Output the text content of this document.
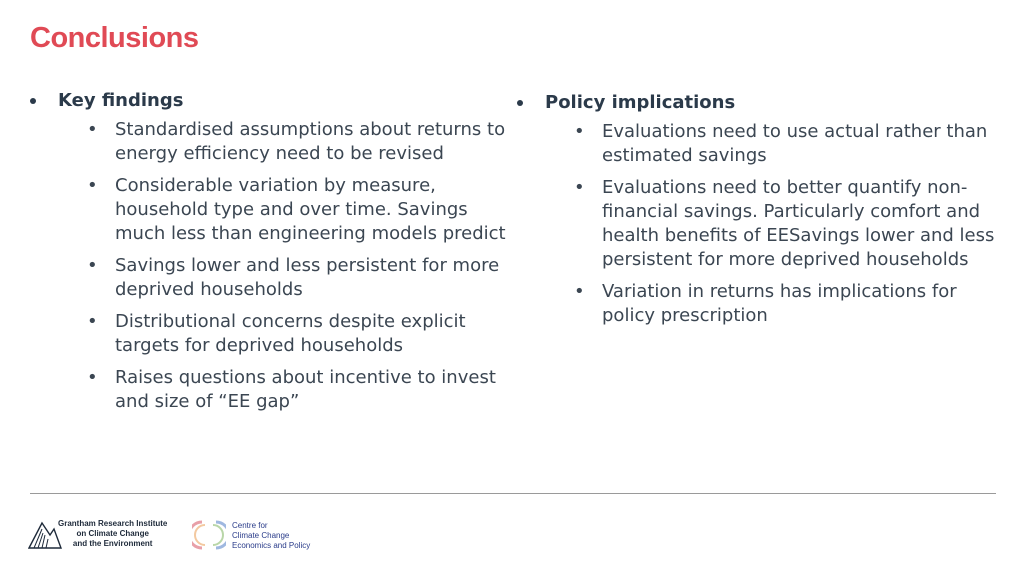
Conclusions
Key findings
• Standardised assumptions about returns to energy efficiency need to be revised
• Considerable variation by measure, household type and over time. Savings much less than engineering models predict
• Savings lower and less persistent for more deprived households
• Distributional concerns despite explicit targets for deprived households
• Raises questions about incentive to invest and size of “EE gap”
Policy implications
• Evaluations need to use actual rather than estimated savings
• Evaluations need to better quantify non-financial savings. Particularly comfort and health benefits of EESavings lower and less persistent for more deprived households
• Variation in returns has implications for policy prescription
Grantham Research Institute
on Climate Change
and the Environment
Centre for
Climate Change
Economics and Policy
